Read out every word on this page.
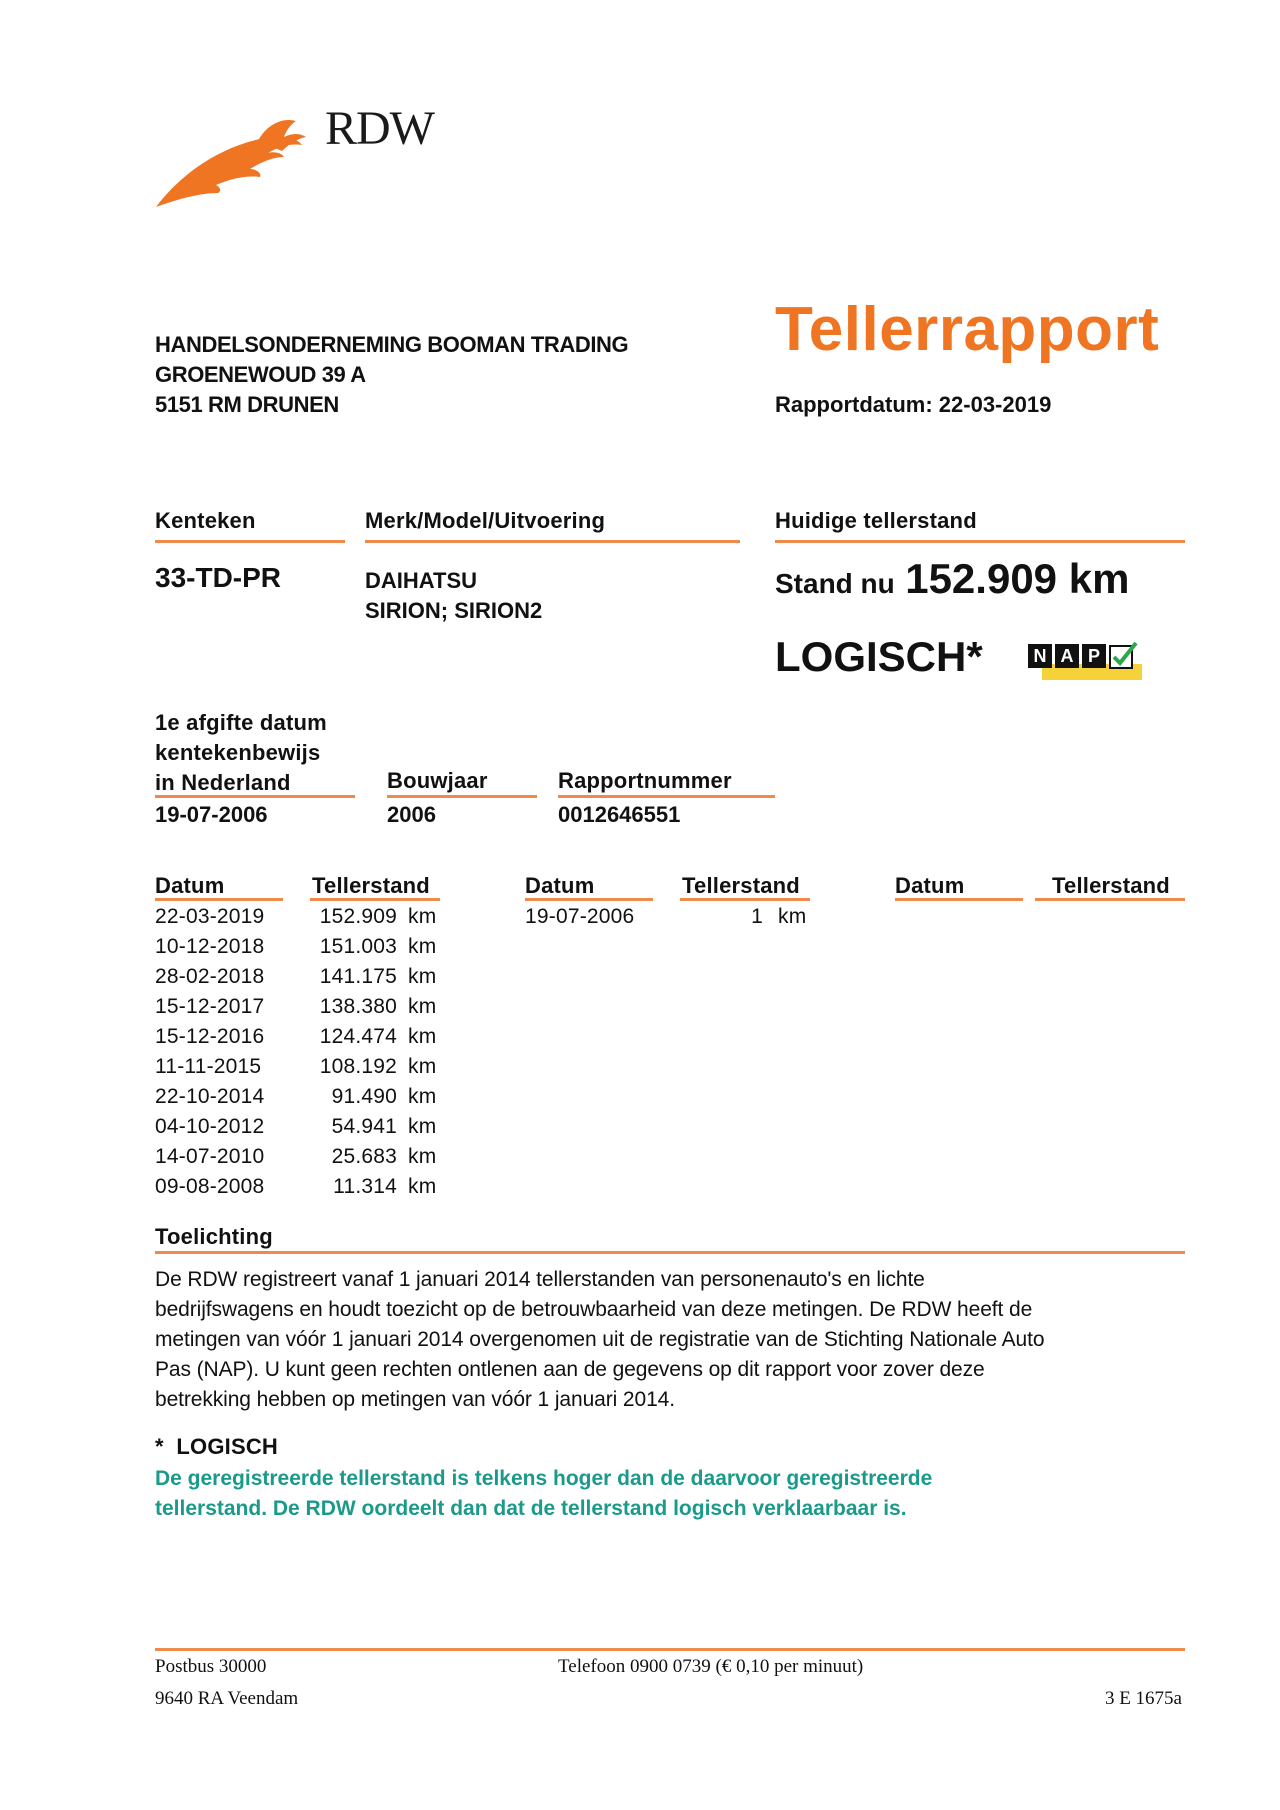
RDW
HANDELSONDERNEMING BOOMAN TRADING
GROENEWOUD 39 A
5151 RM DRUNEN
Tellerrapport
Rapportdatum: 22-03-2019
Kenteken	Merk/Model/Uitvoering	Huidige tellerstand
33-TD-PR	DAIHATSU
SIRION; SIRION2
Stand nu 152.909 km
LOGISCH*	N A P
1e afgifte datum
kentekenbewijs
in Nederland	Bouwjaar	Rapportnummer
19-07-2006	2006	0012646551
Datum	Tellerstand	Datum	Tellerstand	Datum	Tellerstand
22-03-2019	152.909 km
10-12-2018	151.003 km
28-02-2018	141.175 km
15-12-2017	138.380 km
15-12-2016	124.474 km
11-11-2015	108.192 km
22-10-2014	91.490 km
04-10-2012	54.941 km
14-07-2010	25.683 km
09-08-2008	11.314 km
19-07-2006	1 km
Toelichting
De RDW registreert vanaf 1 januari 2014 tellerstanden van personenauto's en lichte
bedrijfswagens en houdt toezicht op de betrouwbaarheid van deze metingen. De RDW heeft de
metingen van vóór 1 januari 2014 overgenomen uit de registratie van de Stichting Nationale Auto
Pas (NAP). U kunt geen rechten ontlenen aan de gegevens op dit rapport voor zover deze
betrekking hebben op metingen van vóór 1 januari 2014.
*  LOGISCH
De geregistreerde tellerstand is telkens hoger dan de daarvoor geregistreerde
tellerstand. De RDW oordeelt dan dat de tellerstand logisch verklaarbaar is.
Postbus 30000
9640 RA Veendam
Telefoon 0900 0739 (€ 0,10 per minuut)
3 E 1675a
